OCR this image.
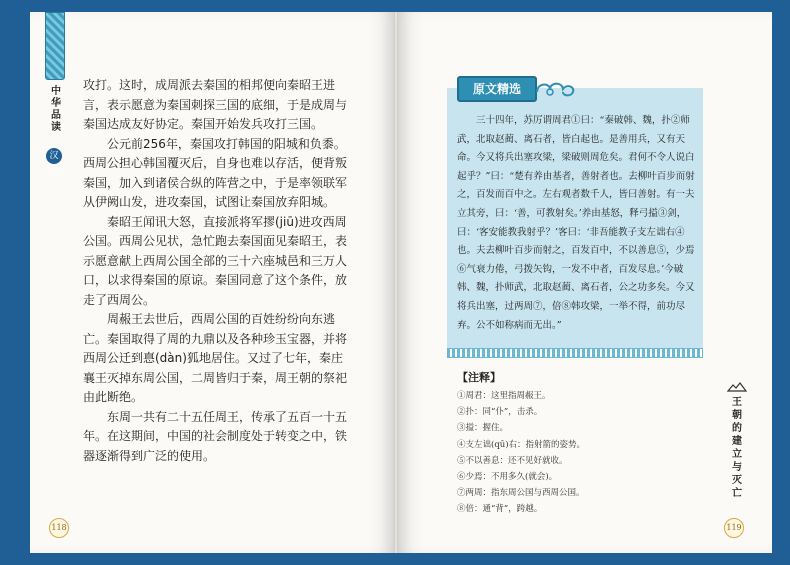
中华品读
汉元

攻打。这时，成周派去秦国的相邦便向秦昭王进言，表示愿意为秦国刺探三国的底细，于是成周与秦国达成友好协定。秦国开始发兵攻打三国。

公元前256年，秦国攻打韩国的阳城和负黍。西周公担心韩国覆灭后，自身也难以存活，便背叛秦国，加入到诸侯合纵的阵营之中，于是率领联军从伊阙山发，进攻秦国，试图让秦国放弃阳城。

秦昭王闻讯大怒，直接派将军摎(jiū)进攻西周公国。西周公见状，急忙跑去秦国面见秦昭王，表示愿意献上西周公国全部的三十六座城邑和三万人口，以求得秦国的原谅。秦国同意了这个条件，放走了西周公。

周赧王去世后，西周公国的百姓纷纷向东逃亡。秦国取得了周的九鼎以及各种珍玉宝器，并将西周公迁到惪(dàn)狐地居住。又过了七年，秦庄襄王灭掉东周公国，二周皆归于秦，周王朝的祭祀由此断绝。

东周一共有二十五任周王，传承了五百一十五年。在这期间，中国的社会制度处于转变之中，铁器逐渐得到广泛的使用。

118
原文精选

三十四年，苏厉谓周君①曰：“秦破韩、魏，扑②师武，北取赵蔺、离石者，皆白起也。是善用兵，又有天命。今又将兵出塞攻梁，梁破则周危矣。君何不令人说白起乎？”曰：“楚有养由基者，善射者也。去柳叶百步而射之，百发而百中之。左右观者数千人，皆曰善射。有一夫立其旁，曰：‘善，可教射矣。’养由基怒，释弓搤③剑，曰：‘客安能教我射乎？’客曰：‘非吾能教子支左诎右④也。夫去柳叶百步而射之，百发百中，不以善息⑤，少焉⑥气衰力倦，弓拨矢钩，一发不中者，百发尽息。’今破韩、魏，扑师武，北取赵蔺、离石者，公之功多矣。今又将兵出塞，过两周⑦，倍⑧韩攻梁，一举不得，前功尽弃。公不如称病而无出。”

【注释】
①周君：这里指周赧王。
②扑：同“仆”，击杀。
③搤：握住。
④支左诎(qū)右：指射箭的姿势。
⑤不以善息：还不见好就收。
⑥少焉：不用多久(就会)。
⑦两周：指东周公国与西周公国。
⑧倍：通“背”，跨越。
王朝的建立与灭亡
119
